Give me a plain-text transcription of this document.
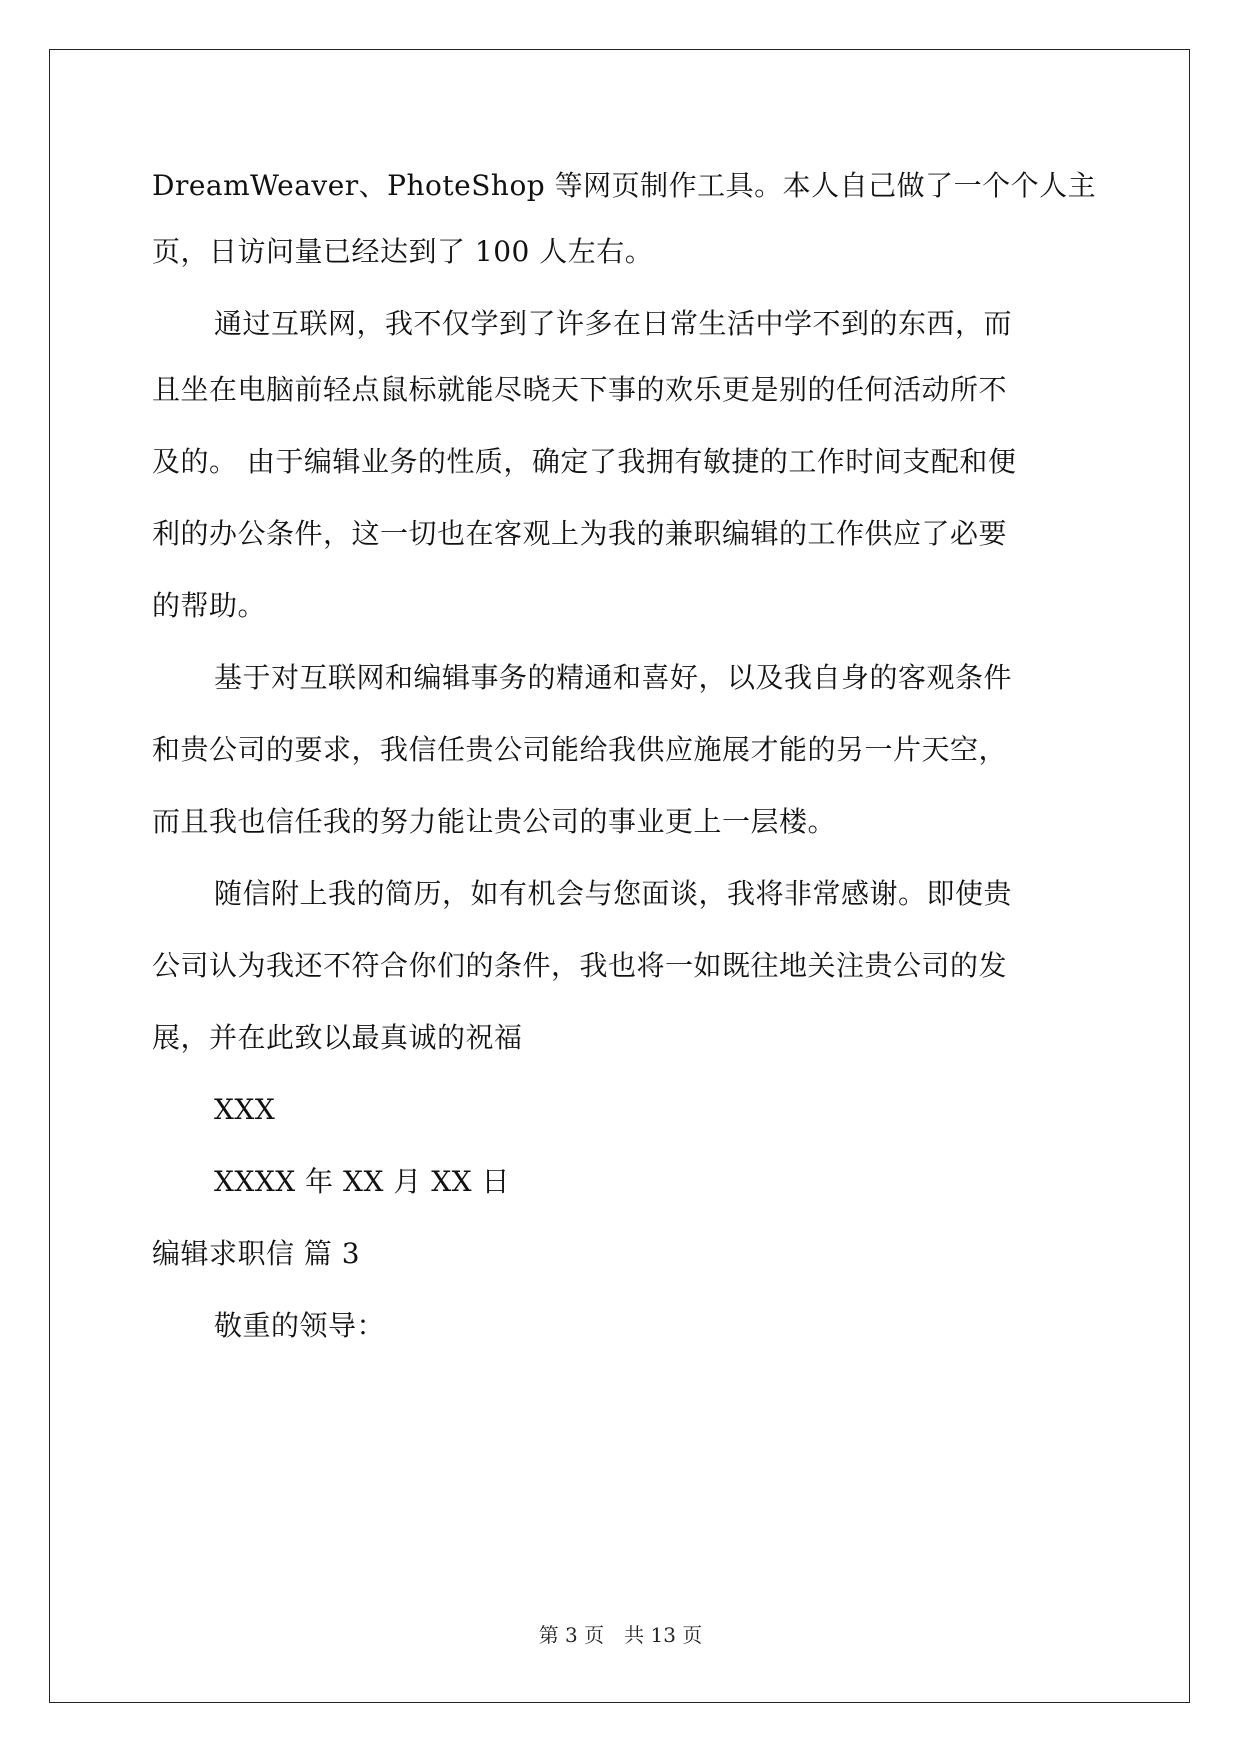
DreamWeaver、PhoteShop 等网页制作工具。本人自己做了一个个人主
页，日访问量已经达到了 100 人左右。
通过互联网，我不仅学到了许多在日常生活中学不到的东西，而
且坐在电脑前轻点鼠标就能尽晓天下事的欢乐更是别的任何活动所不
及的。 由于编辑业务的性质，确定了我拥有敏捷的工作时间支配和便
利的办公条件，这一切也在客观上为我的兼职编辑的工作供应了必要
的帮助。
基于对互联网和编辑事务的精通和喜好，以及我自身的客观条件
和贵公司的要求，我信任贵公司能给我供应施展才能的另一片天空，
而且我也信任我的努力能让贵公司的事业更上一层楼。
随信附上我的简历，如有机会与您面谈，我将非常感谢。即使贵
公司认为我还不符合你们的条件，我也将一如既往地关注贵公司的发
展，并在此致以最真诚的祝福
XXX
XXXX 年 XX 月 XX 日
编辑求职信 篇 3
敬重的领导：
第 3 页　共 13 页
